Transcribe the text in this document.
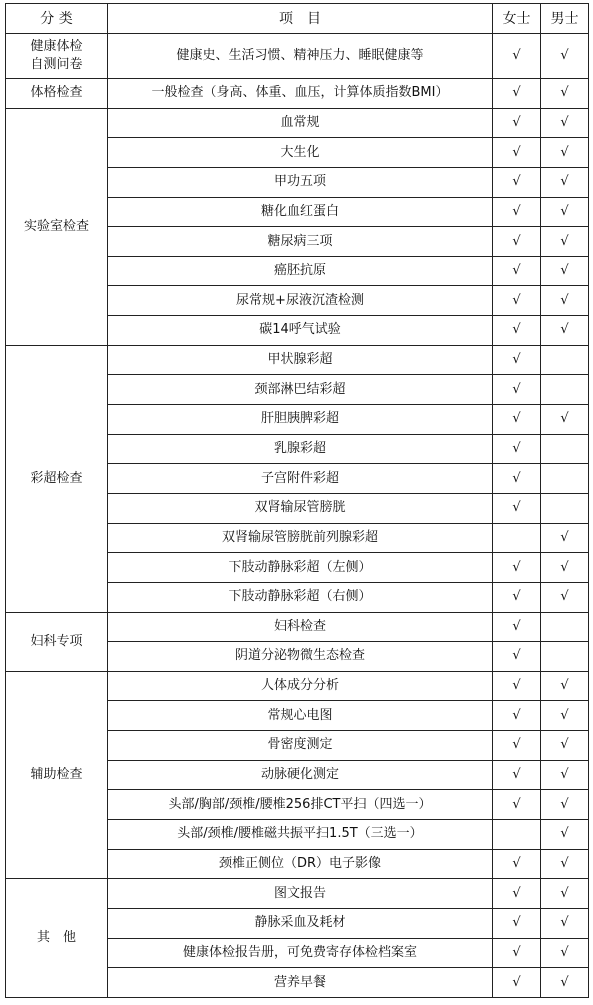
分 类	项　目	女士	男士
健康体检
自测问卷	健康史、生活习惯、精神压力、睡眠健康等	√	√
体格检查	一般检查（身高、体重、血压，计算体质指数BMI）	√	√
实验室检查	血常规	√	√
	大生化	√	√
	甲功五项	√	√
	糖化血红蛋白	√	√
	糖尿病三项	√	√
	癌胚抗原	√	√
	尿常规+尿液沉渣检测	√	√
	碳14呼气试验	√	√
彩超检查	甲状腺彩超	√	
	颈部淋巴结彩超	√	
	肝胆胰脾彩超	√	√
	乳腺彩超	√	
	子宫附件彩超	√	
	双肾输尿管膀胱	√	
	双肾输尿管膀胱前列腺彩超		√
	下肢动静脉彩超（左侧）	√	√
	下肢动静脉彩超（右侧）	√	√
妇科专项	妇科检查	√	
	阴道分泌物微生态检查	√	
辅助检查	人体成分分析	√	√
	常规心电图	√	√
	骨密度测定	√	√
	动脉硬化测定	√	√
	头部/胸部/颈椎/腰椎256排CT平扫（四选一）	√	√
	头部/颈椎/腰椎磁共振平扫1.5T（三选一）		√
	颈椎正侧位（DR）电子影像	√	√
其　他	图文报告	√	√
	静脉采血及耗材	√	√
	健康体检报告册，可免费寄存体检档案室	√	√
	营养早餐	√	√
